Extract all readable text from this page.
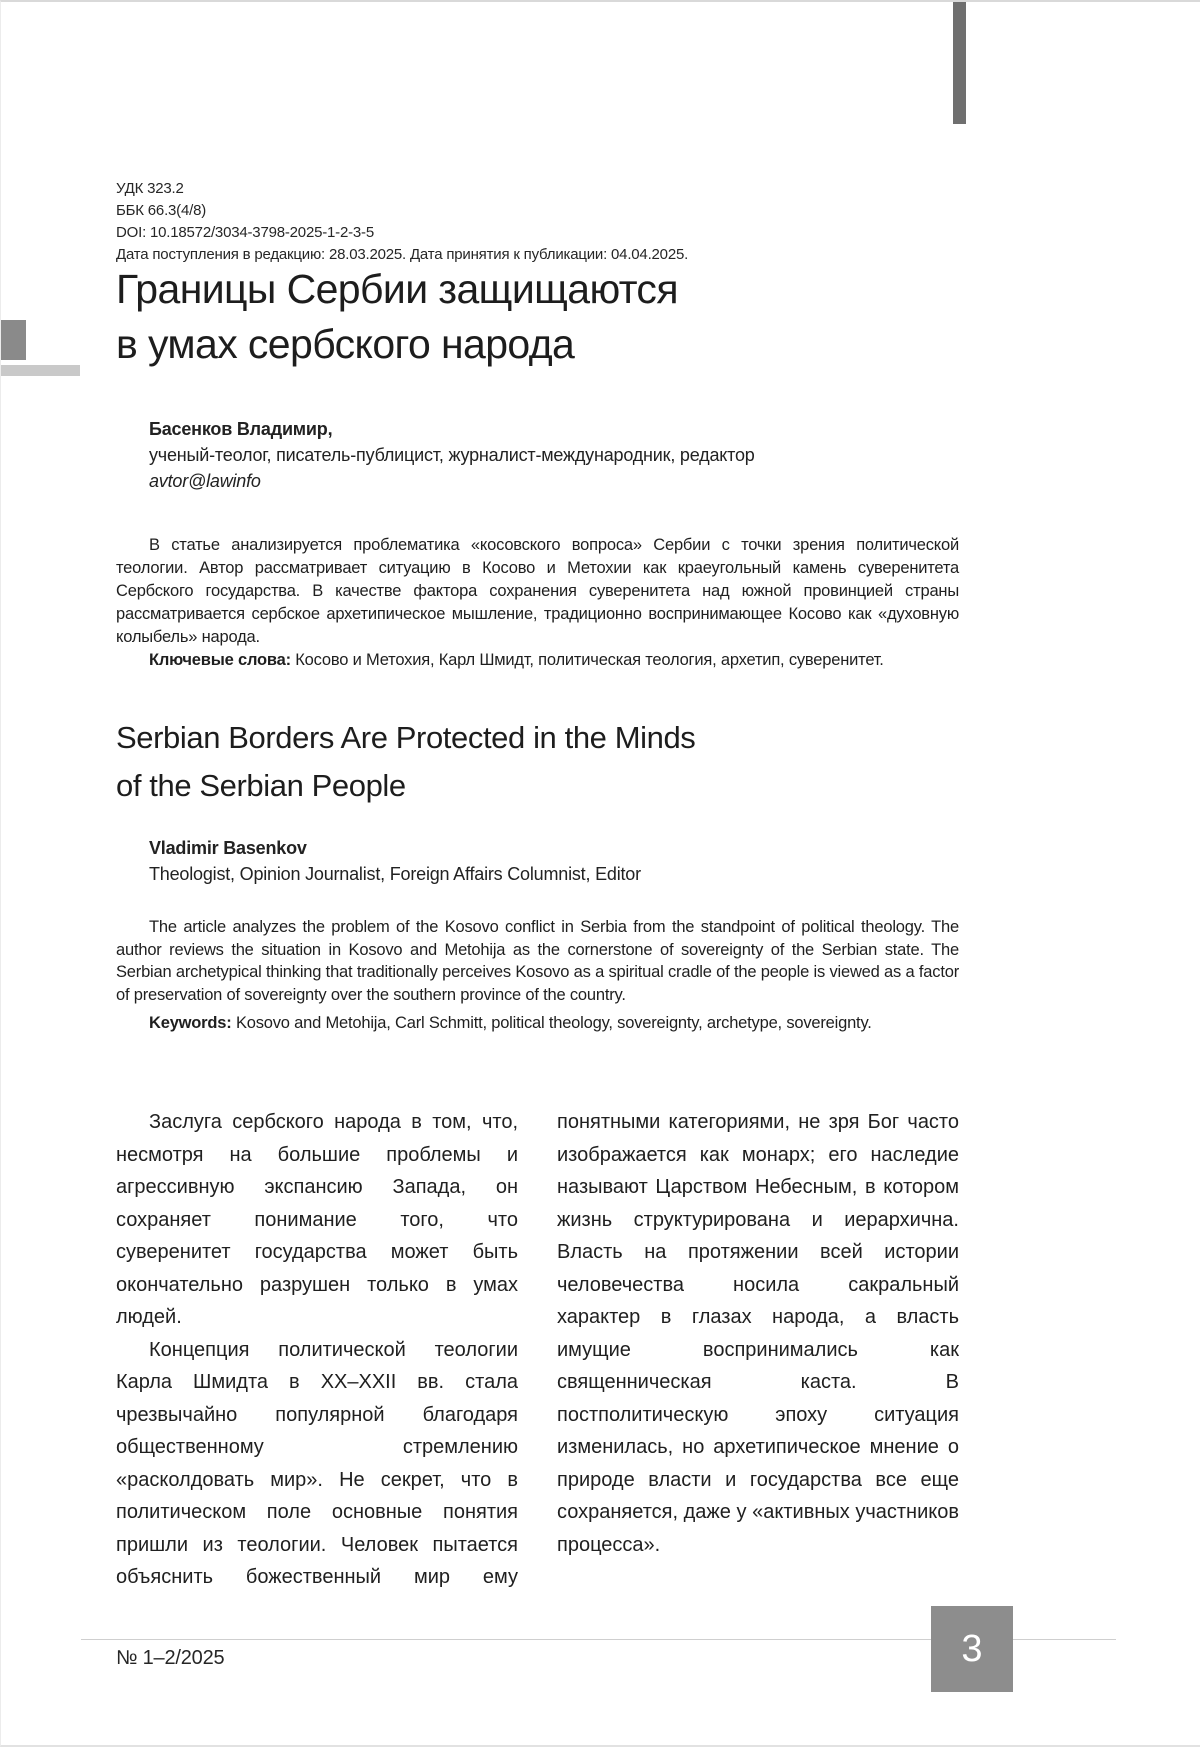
УДК 323.2
ББК 66.3(4/8)
DOI: 10.18572/3034-3798-2025-1-2-3-5
Дата поступления в редакцию: 28.03.2025. Дата принятия к публикации: 04.04.2025.
Границы Сербии защищаются
в умах сербского народа
Басенков Владимир,
ученый-теолог, писатель-публицист, журналист-международник, редактор
avtor@lawinfo

В статье анализируется проблематика «косовского вопроса» Сербии с точки зрения политической теологии. Автор рассматривает ситуацию в Косово и Метохии как краеугольный камень суверенитета Сербского государства. В качестве фактора сохранения суверенитета над южной провинцией страны рассматривается сербское архетипическое мышление, традиционно воспринимающее Косово как «духовную колыбель» народа.

Ключевые слова: Косово и Метохия, Карл Шмидт, политическая теология, архетип, суверенитет.

Serbian Borders Are Protected in the Minds
of the Serbian People
Vladimir Basenkov
Theologist, Opinion Journalist, Foreign Affairs Columnist, Editor

The article analyzes the problem of the Kosovo conflict in Serbia from the standpoint of political theology. The author reviews the situation in Kosovo and Metohija as the cornerstone of sovereignty of the Serbian state. The Serbian archetypical thinking that traditionally perceives Kosovo as a spiritual cradle of the people is viewed as a factor of preservation of sovereignty over the southern province of the country.

Keywords: Kosovo and Metohija, Carl Schmitt, political theology, sovereignty, archetype, sovereignty.

Заслуга сербского народа в том, что, несмотря на большие проблемы и агрессивную экспансию Запада, он сохраняет понимание того, что суверенитет государства может быть окончательно разрушен только в умах людей.

Концепция политической теологии Карла Шмидта в XX–XXII вв. стала чрезвычайно популярной благодаря общественному стремлению «расколдовать мир». Не секрет, что в политическом поле основные понятия пришли из теологии. Человек пытается объяснить божественный мир ему понятными категориями, не зря Бог часто изображается как монарх; его наследие называют Царством Небесным, в котором жизнь структурирована и иерархична. Власть на протяжении всей истории человечества носила сакральный характер в глазах народа, а власть имущие воспринимались как священническая каста. В постполитическую эпоху ситуация изменилась, но архетипическое мнение о природе власти и государства все еще сохраняется, даже у «активных участников процесса».

№ 1–2/2025	3
